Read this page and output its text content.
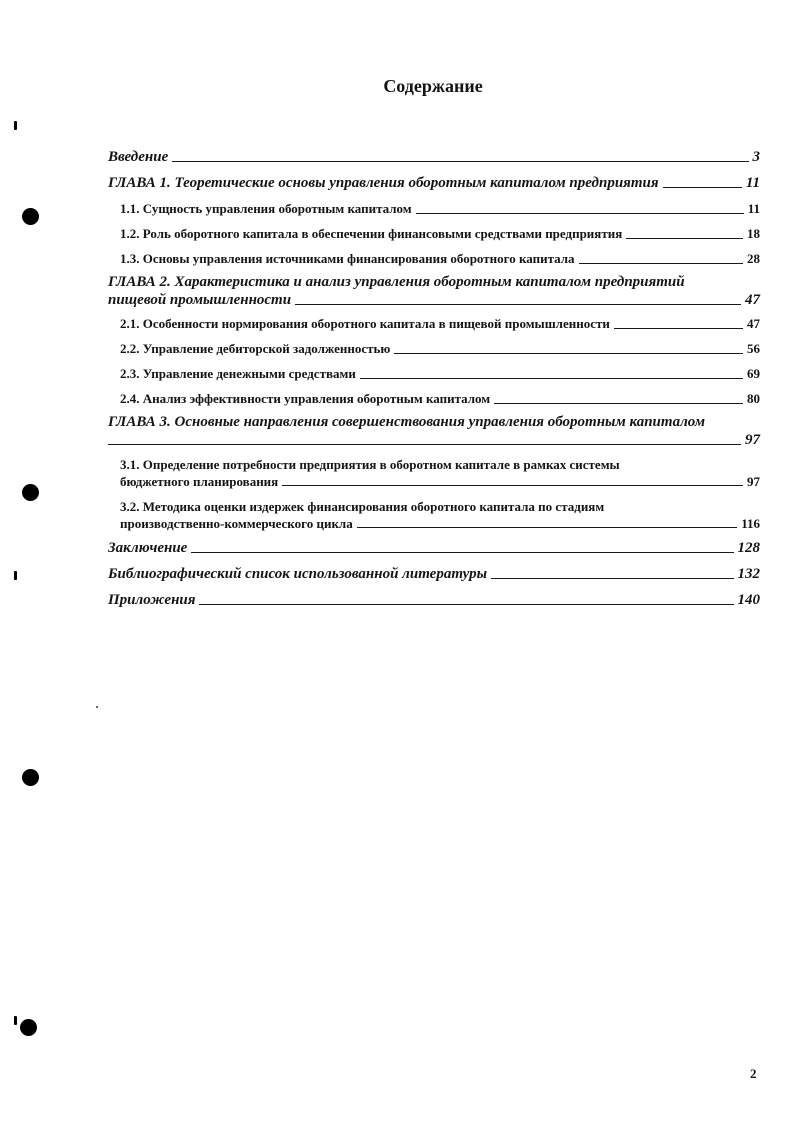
Содержание
Введение	3
ГЛАВА 1. Теоретические основы управления оборотным капиталом предприятия	11
1.1. Сущность управления оборотным капиталом	11
1.2. Роль оборотного капитала в обеспечении финансовыми средствами предприятия	18
1.3. Основы управления источниками финансирования оборотного капитала	28
ГЛАВА 2. Характеристика и анализ управления оборотным капиталом предприятий
пищевой промышленности	47
2.1. Особенности нормирования оборотного капитала в пищевой промышленности	47
2.2. Управление дебиторской задолженностью	56
2.3. Управление денежными средствами	69
2.4. Анализ эффективности управления оборотным капиталом	80
ГЛАВА 3. Основные направления совершенствования управления оборотным капиталом
97
3.1. Определение потребности предприятия в оборотном капитале в рамках системы
бюджетного планирования	97
3.2. Методика оценки издержек финансирования оборотного капитала по стадиям
производственно-коммерческого цикла	116
Заключение	128
Библиографический список использованной литературы	132
Приложения	140
2
